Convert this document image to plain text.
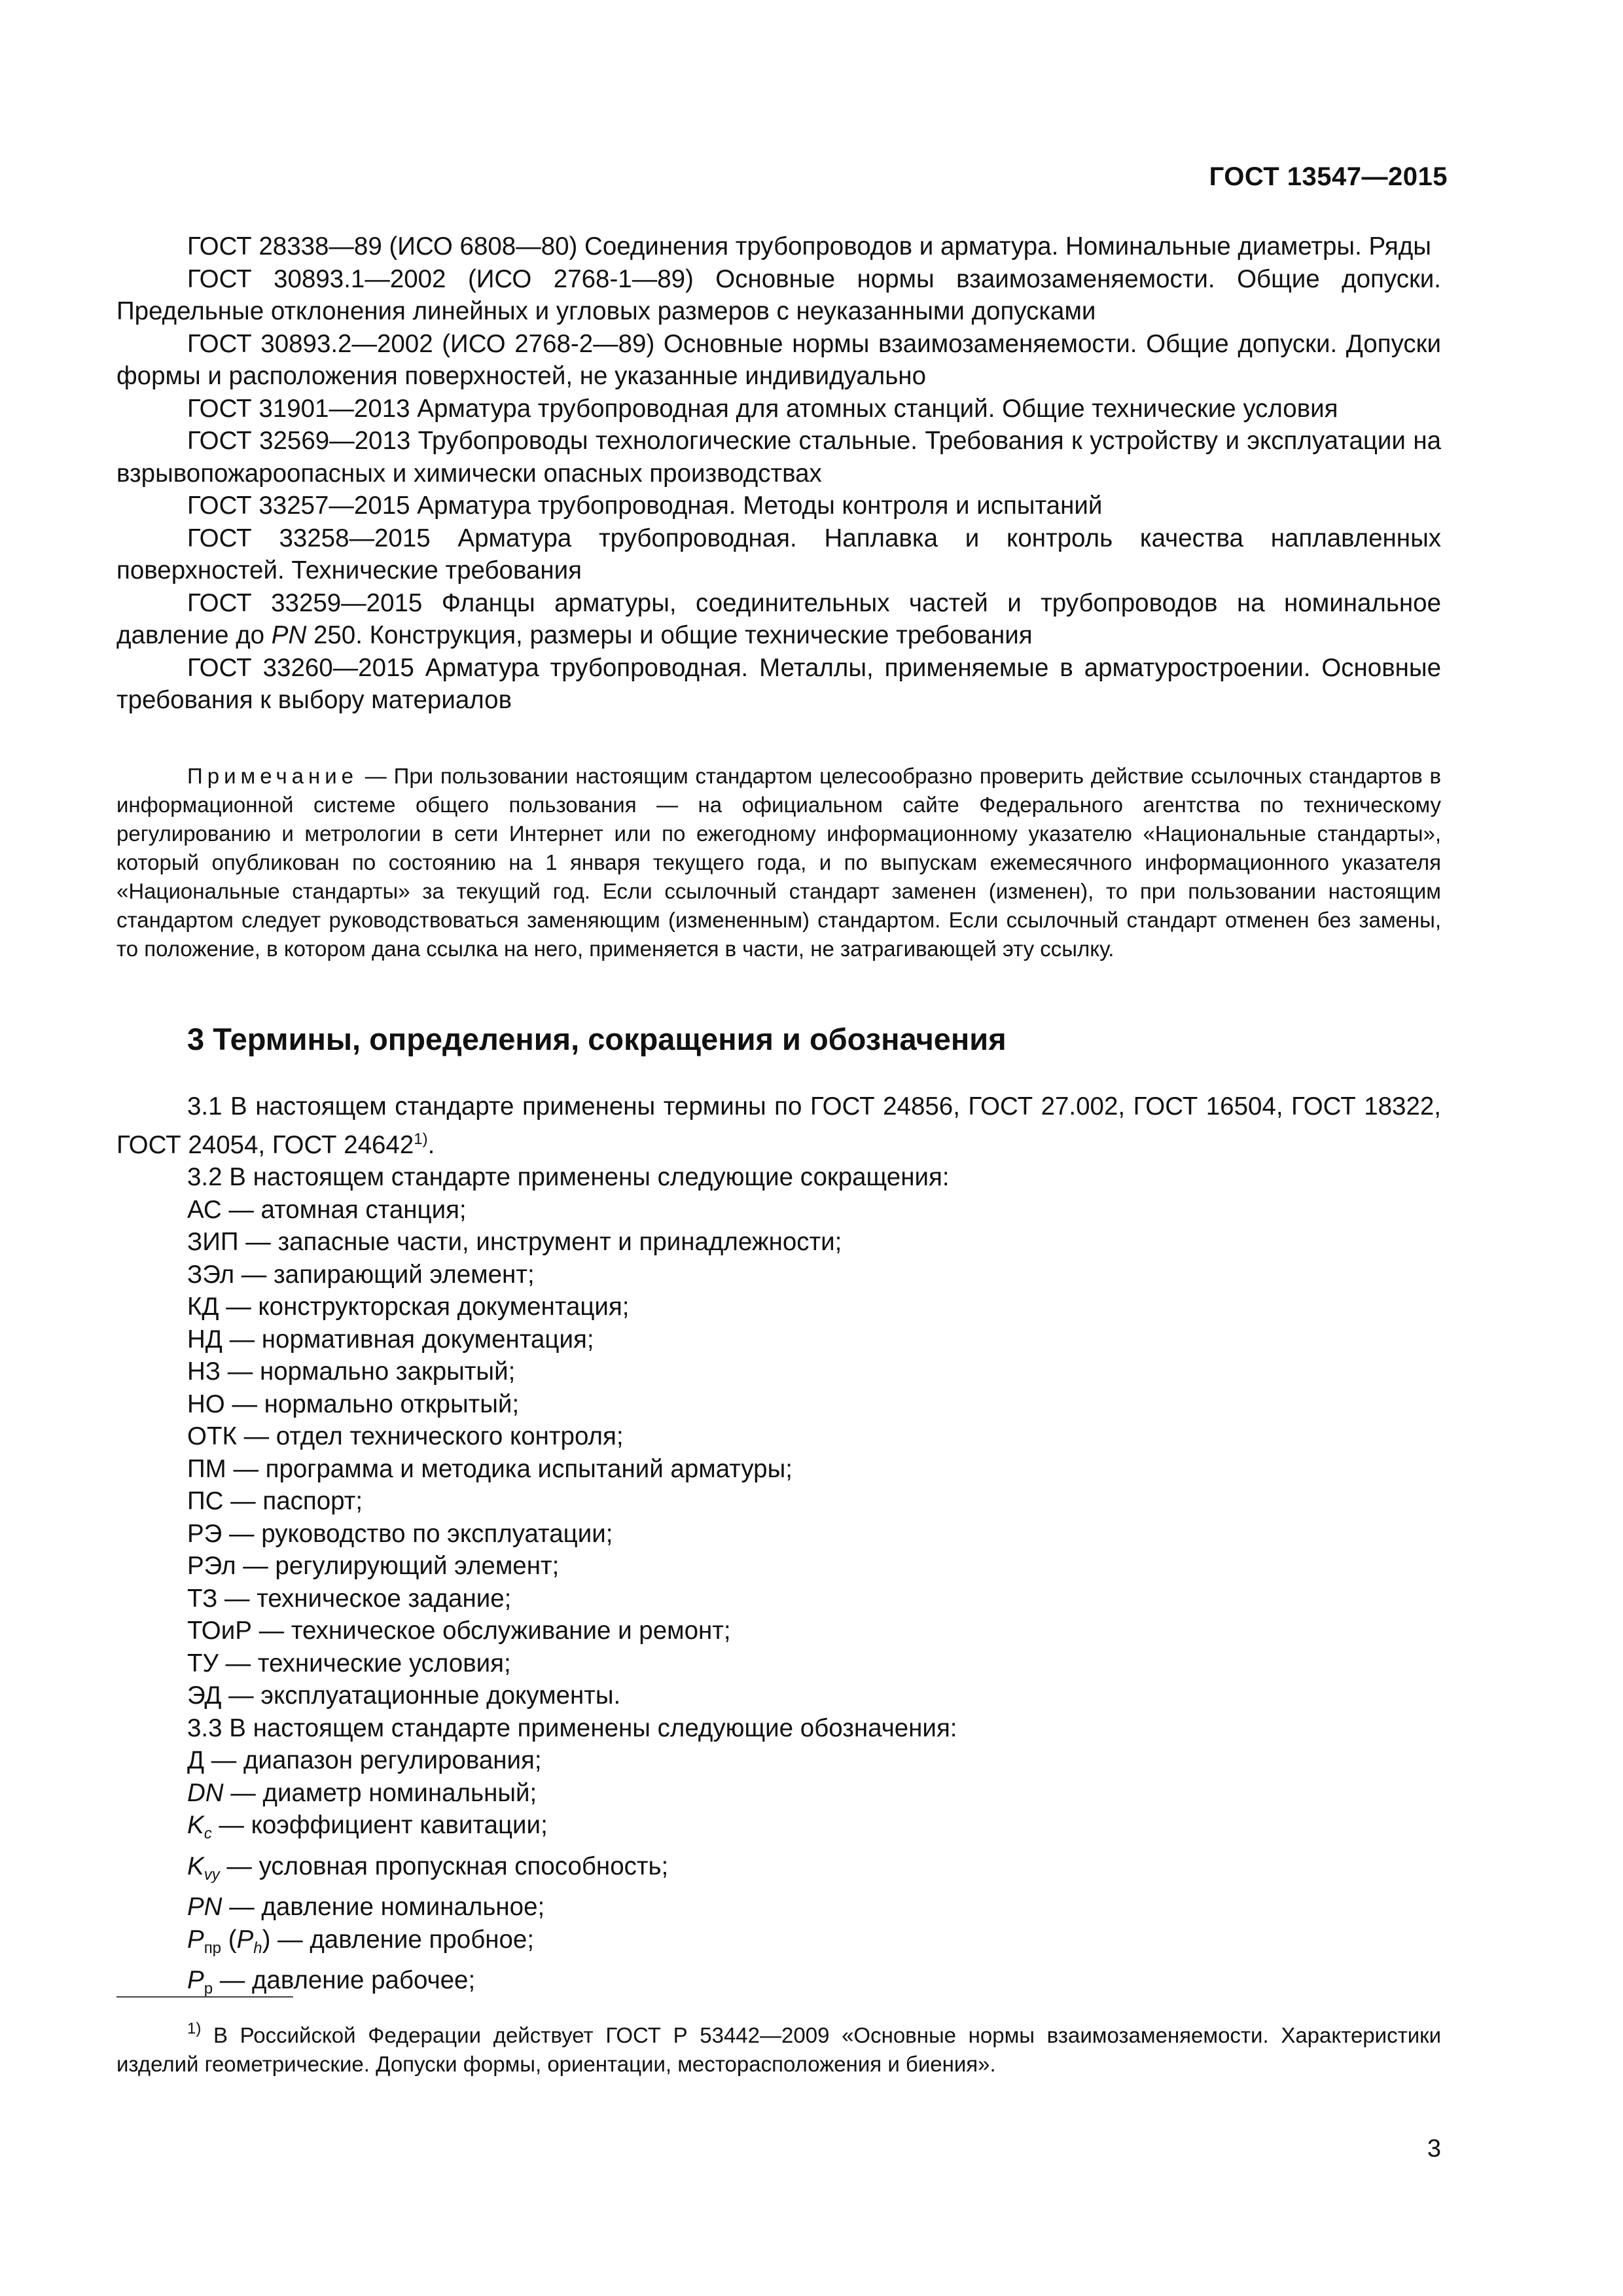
ГОСТ 13547—2015

ГОСТ 28338—89 (ИСО 6808—80) Соединения трубопроводов и арматура. Номинальные диаметры. Ряды

ГОСТ 30893.1—2002 (ИСО 2768-1—89) Основные нормы взаимозаменяемости. Общие допуски. Предельные отклонения линейных и угловых размеров с неуказанными допусками

ГОСТ 30893.2—2002 (ИСО 2768-2—89) Основные нормы взаимозаменяемости. Общие допуски. Допуски формы и расположения поверхностей, не указанные индивидуально

ГОСТ 31901—2013 Арматура трубопроводная для атомных станций. Общие технические условия

ГОСТ 32569—2013 Трубопроводы технологические стальные. Требования к устройству и эксплуатации на взрывопожароопасных и химически опасных производствах

ГОСТ 33257—2015 Арматура трубопроводная. Методы контроля и испытаний

ГОСТ 33258—2015 Арматура трубопроводная. Наплавка и контроль качества наплавленных поверхностей. Технические требования

ГОСТ 33259—2015 Фланцы арматуры, соединительных частей и трубопроводов на номинальное давление до PN 250. Конструкция, размеры и общие технические требования

ГОСТ 33260—2015 Арматура трубопроводная. Металлы, применяемые в арматуростроении. Основные требования к выбору материалов

Примечание — При пользовании настоящим стандартом целесообразно проверить действие ссылочных стандартов в информационной системе общего пользования — на официальном сайте Федерального агентства по техническому регулированию и метрологии в сети Интернет или по ежегодному информационному указателю «Национальные стандарты», который опубликован по состоянию на 1 января текущего года, и по выпускам ежемесячного информационного указателя «Национальные стандарты» за текущий год. Если ссылочный стандарт заменен (изменен), то при пользовании настоящим стандартом следует руководствоваться заменяющим (измененным) стандартом. Если ссылочный стандарт отменен без замены, то положение, в котором дана ссылка на него, применяется в части, не затрагивающей эту ссылку.

3 Термины, определения, сокращения и обозначения

3.1 В настоящем стандарте применены термины по ГОСТ 24856, ГОСТ 27.002, ГОСТ 16504, ГОСТ 18322, ГОСТ 24054, ГОСТ 24642$^{1)}$.

3.2 В настоящем стандарте применены следующие сокращения:

АС — атомная станция;
ЗИП — запасные части, инструмент и принадлежности;
ЗЭл — запирающий элемент;
КД — конструкторская документация;
НД — нормативная документация;
НЗ — нормально закрытый;
НО — нормально открытый;
ОТК — отдел технического контроля;
ПМ — программа и методика испытаний арматуры;
ПС — паспорт;
РЭ — руководство по эксплуатации;
РЭл — регулирующий элемент;
ТЗ — техническое задание;
ТОиР — техническое обслуживание и ремонт;
ТУ — технические условия;
ЭД — эксплуатационные документы.

3.3 В настоящем стандарте применены следующие обозначения:

Д — диапазон регулирования;
DN — диаметр номинальный;
$K_c$ — коэффициент кавитации;
$K_{vy}$ — условная пропускная способность;
PN — давление номинальное;
$P_{пр}$ $(P_h)$ — давление пробное;
$P_р$ — давление рабочее;

$^{1)}$ В Российской Федерации действует ГОСТ Р 53442—2009 «Основные нормы взаимозаменяемости. Характеристики изделий геометрические. Допуски формы, ориентации, месторасположения и биения».

3
